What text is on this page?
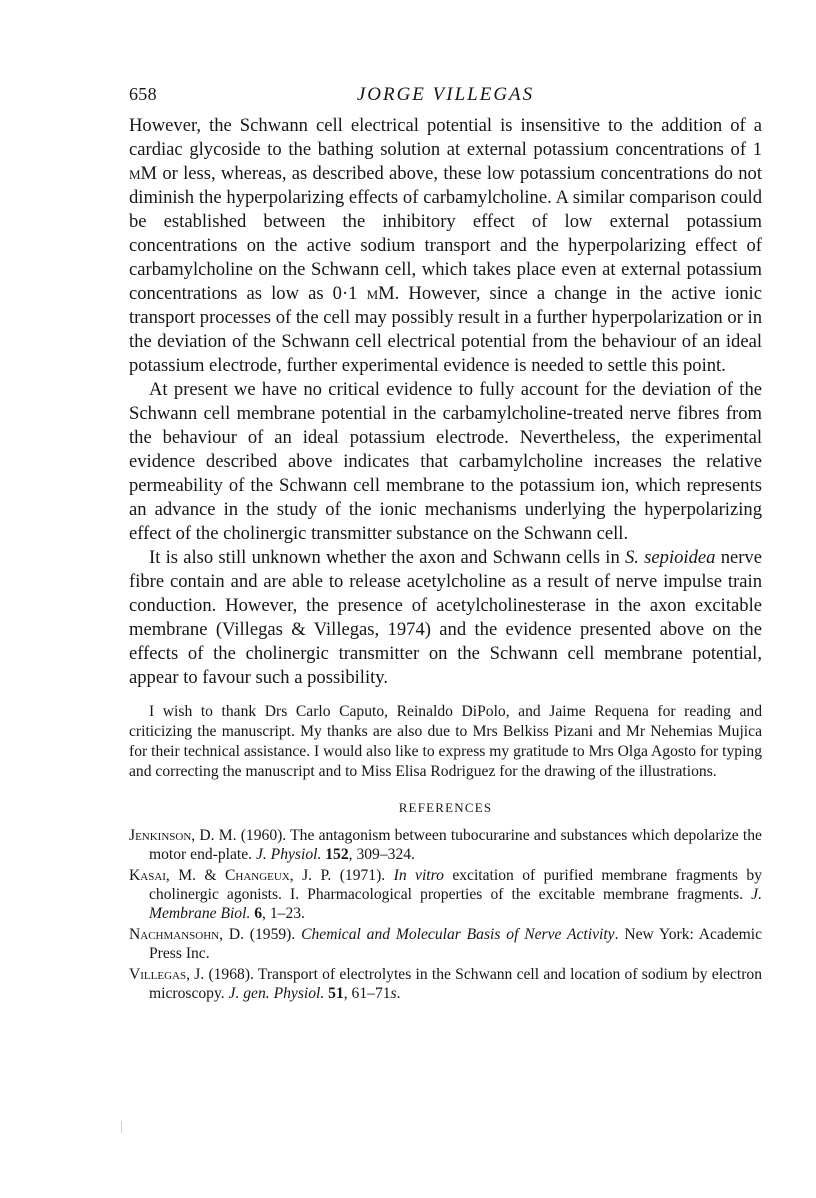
658	JORGE VILLEGAS

However, the Schwann cell electrical potential is insensitive to the addition of a cardiac glycoside to the bathing solution at external potassium concentrations of 1 mM or less, whereas, as described above, these low potassium concentrations do not diminish the hyperpolarizing effects of carbamylcholine. A similar comparison could be established between the inhibitory effect of low external potassium concentrations on the active sodium transport and the hyperpolarizing effect of carbamylcholine on the Schwann cell, which takes place even at external potassium concentrations as low as 0·1 mM. However, since a change in the active ionic transport processes of the cell may possibly result in a further hyperpolarization or in the deviation of the Schwann cell electrical potential from the behaviour of an ideal potassium electrode, further experimental evidence is needed to settle this point.

At present we have no critical evidence to fully account for the deviation of the Schwann cell membrane potential in the carbamylcholine-treated nerve fibres from the behaviour of an ideal potassium electrode. Nevertheless, the experimental evidence described above indicates that carbamylcholine increases the relative permeability of the Schwann cell membrane to the potassium ion, which represents an advance in the study of the ionic mechanisms underlying the hyperpolarizing effect of the cholinergic transmitter substance on the Schwann cell.

It is also still unknown whether the axon and Schwann cells in S. sepioidea nerve fibre contain and are able to release acetylcholine as a result of nerve impulse train conduction. However, the presence of acetylcholinesterase in the axon excitable membrane (Villegas & Villegas, 1974) and the evidence presented above on the effects of the cholinergic transmitter on the Schwann cell membrane potential, appear to favour such a possibility.

I wish to thank Drs Carlo Caputo, Reinaldo DiPolo, and Jaime Requena for reading and criticizing the manuscript. My thanks are also due to Mrs Belkiss Pizani and Mr Nehemias Mujica for their technical assistance. I would also like to express my gratitude to Mrs Olga Agosto for typing and correcting the manuscript and to Miss Elisa Rodriguez for the drawing of the illustrations.

REFERENCES
Jenkinson, D. M. (1960). The antagonism between tubocurarine and substances which depolarize the motor end-plate. J. Physiol. 152, 309–324.
Kasai, M. & Changeux, J. P. (1971). In vitro excitation of purified membrane fragments by cholinergic agonists. I. Pharmacological properties of the excitable membrane fragments. J. Membrane Biol. 6, 1–23.
Nachmansohn, D. (1959). Chemical and Molecular Basis of Nerve Activity. New York: Academic Press Inc.
Villegas, J. (1968). Transport of electrolytes in the Schwann cell and location of sodium by electron microscopy. J. gen. Physiol. 51, 61–71s.
